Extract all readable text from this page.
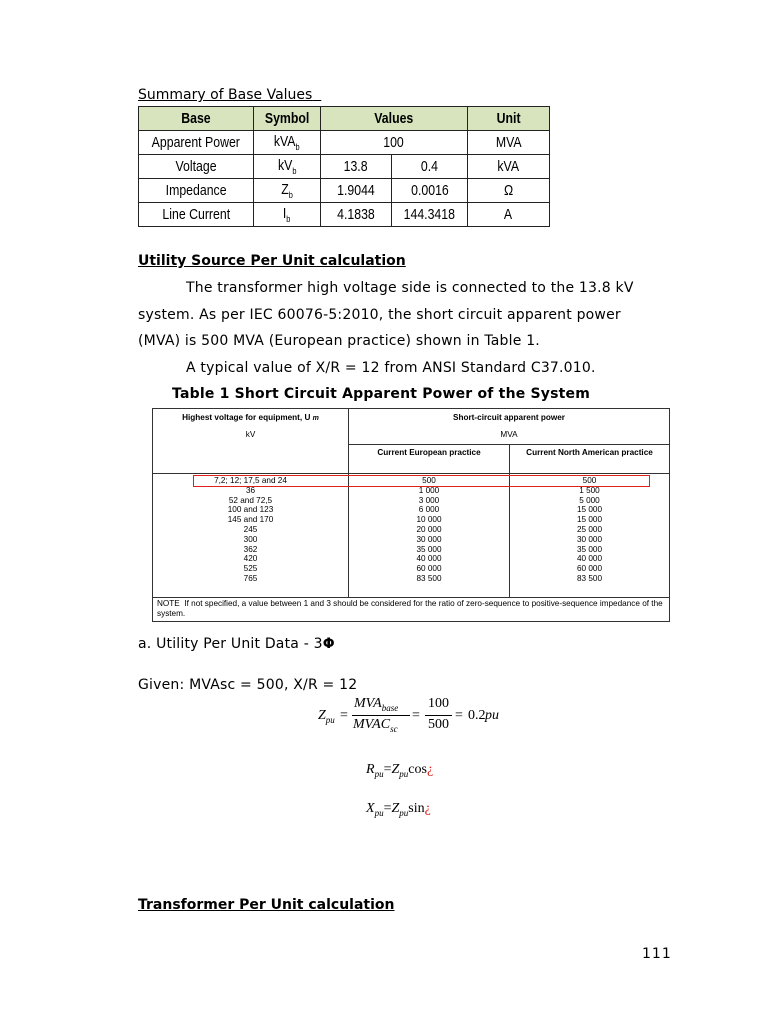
Summary of Base Values
Base	Symbol	Values		Unit
Apparent Power	kVA$_b$	100		MVA
Voltage	$kV_b$	13.8	0.4	kVA
Impedance	$Z_b$	1.9044	0.0016	Ω
Line Current	$I_b$	4.1838	144.3418	A
Utility Source Per Unit calculation
The transformer high voltage side is connected to the 13.8 kV
system. As per IEC 60076-5:2010, the short circuit apparent power
(MVA) is 500 MVA (European practice) shown in Table 1.
A typical value of X/R = 12 from ANSI Standard C37.010.
Table 1 Short Circuit Apparent Power of the System
Highest voltage for equipment, U m
kV
Short-circuit apparent power
MVA
Current European practice	Current North American practice
7,2; 12; 17,5 and 24	500	500
36	1 000	1 500
52 and 72,5	3 000	5 000
100 and 123	6 000	15 000
145 and 170	10 000	15 000
245	20 000	25 000
300	30 000	30 000
362	35 000	35 000
420	40 000	40 000
525	60 000	60 000
765	83 500	83 500
NOTE If not specified, a value between 1 and 3 should be considered for the ratio of zero-sequence to positive-sequence impedance of the system.
a. Utility Per Unit Data - 3Φ
Given: MVAsc = 500, X/R = 12
$Z_{pu}$ =
$MVA_{base}$
$MVAC_{sc}$
=
100
500
= 0.2 pu
$R_{pu}=Z_{pu}\cos¿$
$X_{pu}=Z_{pu}\sin¿$
Transformer Per Unit calculation
111
